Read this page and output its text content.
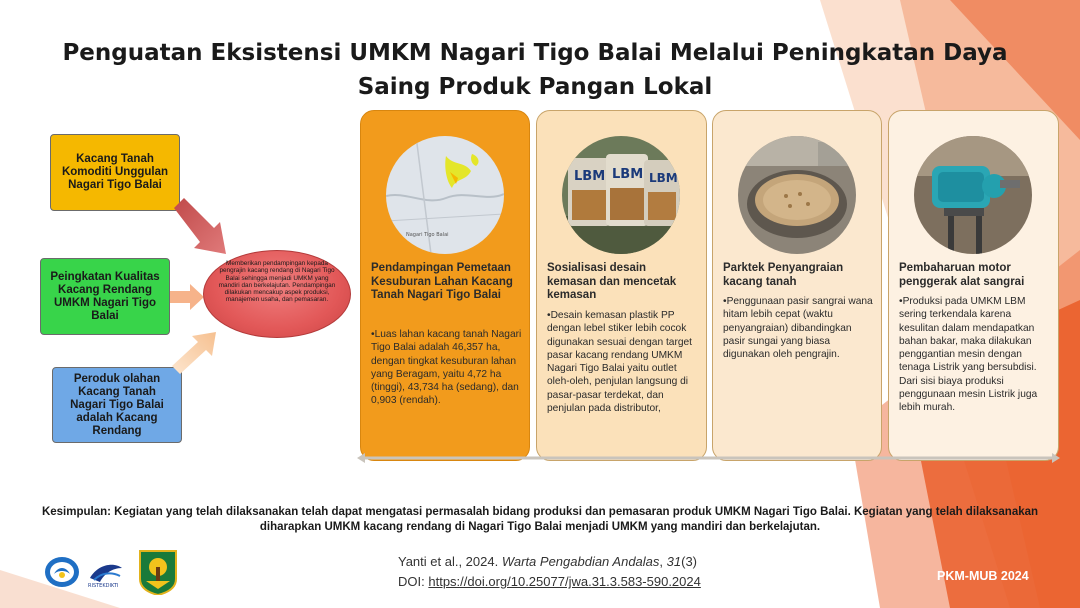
Penguatan Eksistensi UMKM Nagari Tigo Balai Melalui Peningkatan Daya Saing Produk Pangan Lokal
Kacang Tanah Komoditi Unggulan Nagari Tigo Balai
Peingkatan Kualitas Kacang Rendang UMKM Nagari Tigo Balai
Peroduk olahan Kacang Tanah Nagari Tigo Balai adalah Kacang Rendang
Memberikan pendampingan kepada pengrajin kacang rendang di Nagari Tigo Balai sehingga menjadi UMKM yang mandiri dan berkelajutan. Pendampingan dilakukan mencakup aspek produksi, manajemen usaha, dan pemasaran.
Nagari Tigo Balai
Pendampingan Pemetaan Kesuburan Lahan Kacang Tanah Nagari Tigo Balai
•Luas lahan kacang tanah Nagari Tigo Balai adalah 46,357 ha, dengan tingkat kesuburan lahan yang Beragam, yaitu 4,72 ha (tinggi), 43,734 ha (sedang), dan 0,903 (rendah).
LBM LBM LBM
Sosialisasi desain kemasan dan mencetak kemasan
•Desain kemasan plastik PP dengan lebel stiker lebih cocok digunakan sesuai dengan target pasar kacang rendang UMKM Nagari Tigo Balai yaitu outlet oleh-oleh, penjulan langsung di pasar-pasar terdekat, dan penjulan pada distributor,
Parktek Penyangraian kacang tanah
•Penggunaan pasir sangrai wana hitam lebih cepat (waktu penyangraian) dibandingkan pasir sungai yang biasa digunakan oleh pengrajin.
Pembaharuan motor penggerak alat sangrai
•Produksi pada UMKM LBM sering terkendala karena kesulitan dalam mendapatkan bahan bakar, maka dilakukan penggantian mesin dengan tenaga Listrik yang bersubdisi. Dari sisi biaya produksi penggunaan mesin Listrik juga lebih murah.
Kesimpulan: Kegiatan yang telah dilaksanakan telah dapat mengatasi permasalah bidang produksi dan pemasaran produk UMKM Nagari Tigo Balai. Kegiatan yang telah dilaksanakan diharapkan UMKM kacang rendang di Nagari Tigo Balai menjadi UMKM yang mandiri dan berkelajutan.
RISTEKDIKTI
Yanti et al., 2024. Warta Pengabdian Andalas, 31(3)
DOI: https://doi.org/10.25077/jwa.31.3.583-590.2024	PKM-MUB 2024
